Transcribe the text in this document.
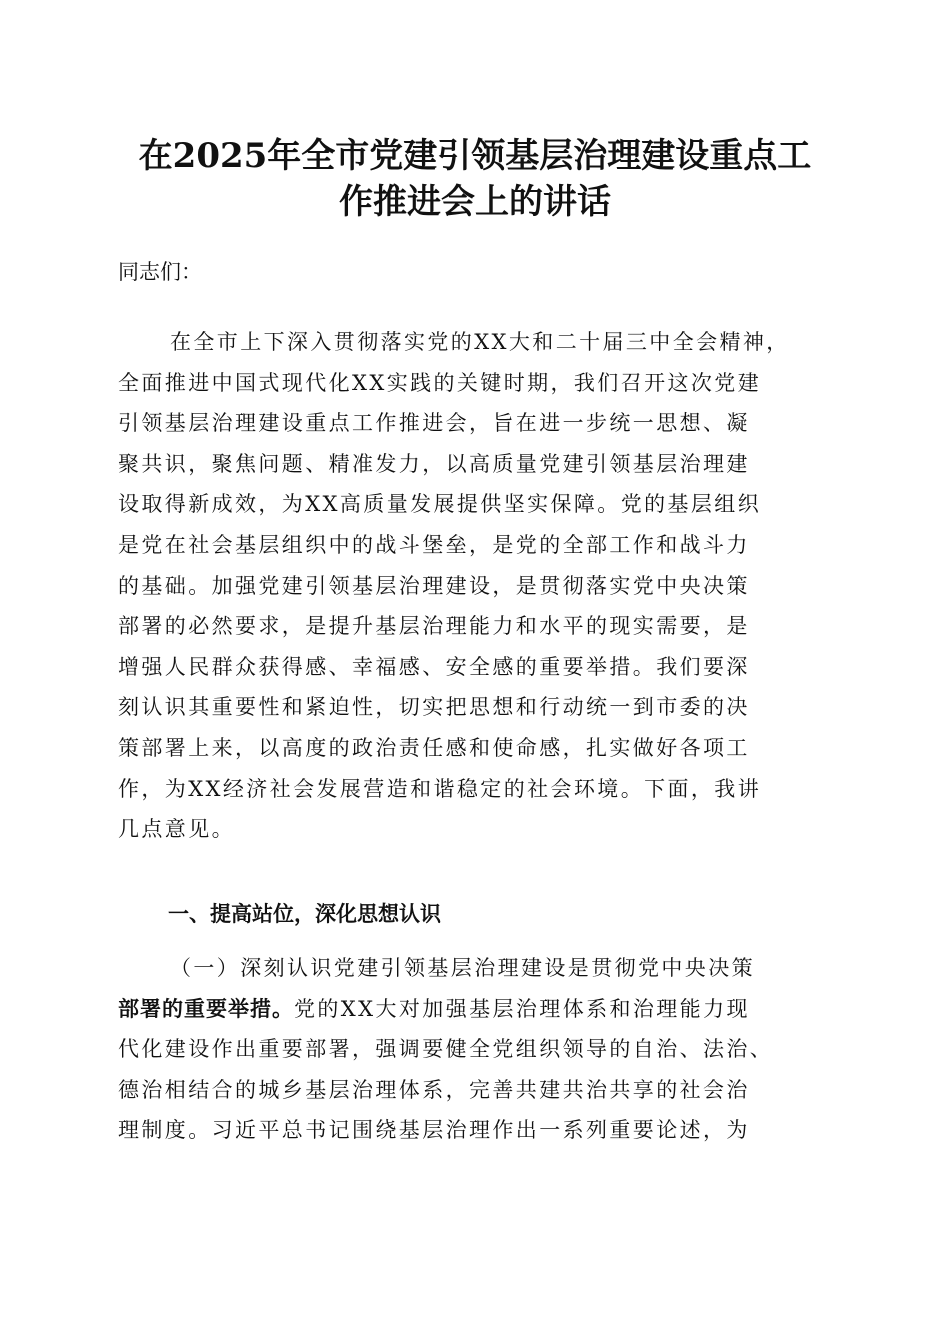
在2025年全市党建引领基层治理建设重点工
作推进会上的讲话
同志们：
在全市上下深入贯彻落实党的XX大和二十届三中全会精神，
全面推进中国式现代化XX实践的关键时期，我们召开这次党建
引领基层治理建设重点工作推进会，旨在进一步统一思想、凝
聚共识，聚焦问题、精准发力，以高质量党建引领基层治理建
设取得新成效，为XX高质量发展提供坚实保障。党的基层组织
是党在社会基层组织中的战斗堡垒，是党的全部工作和战斗力
的基础。加强党建引领基层治理建设，是贯彻落实党中央决策
部署的必然要求，是提升基层治理能力和水平的现实需要，是
增强人民群众获得感、幸福感、安全感的重要举措。我们要深
刻认识其重要性和紧迫性，切实把思想和行动统一到市委的决
策部署上来，以高度的政治责任感和使命感，扎实做好各项工
作，为XX经济社会发展营造和谐稳定的社会环境。下面，我讲
几点意见。
一、提高站位，深化思想认识
（一）深刻认识党建引领基层治理建设是贯彻党中央决策
部署的重要举措。党的XX大对加强基层治理体系和治理能力现
代化建设作出重要部署，强调要健全党组织领导的自治、法治、
德治相结合的城乡基层治理体系，完善共建共治共享的社会治
理制度。习近平总书记围绕基层治理作出一系列重要论述，为
